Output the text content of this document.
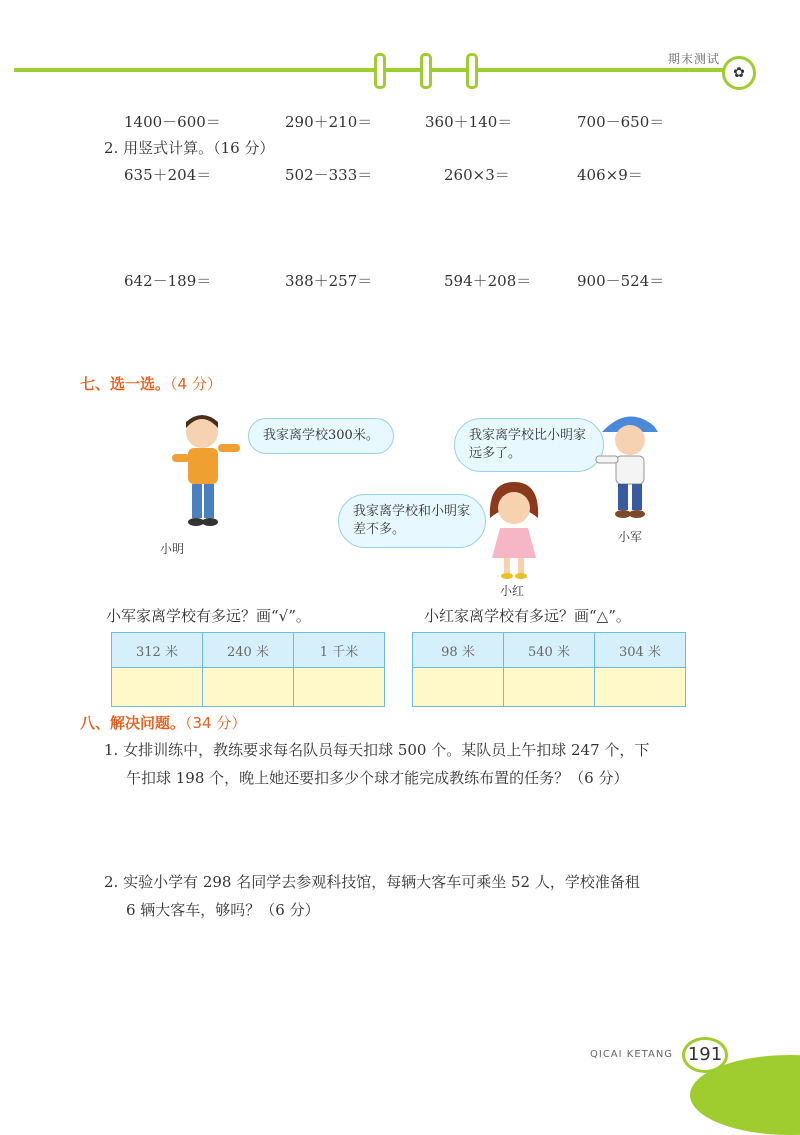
期末测试
✿
1400－600＝	290＋210＝	360＋140＝	700－650＝
2. 用竖式计算。（16 分）
635＋204＝	502－333＝	260×3＝	406×9＝
642－189＝	388＋257＝	594＋208＝	900－524＝
七、选一选。（4 分）
我家离学校300米。
小明
我家离学校比小明家远多了。
小军
我家离学校和小明家差不多。
小红
小军家离学校有多远？画“√”。	小红家离学校有多远？画“△”。
312 米	240 米	1 千米
			98 米	540 米	304 米

八、解决问题。（34 分）
1. 女排训练中，教练要求每名队员每天扣球 500 个。某队员上午扣球 247 个，下
午扣球 198 个，晚上她还要扣多少个球才能完成教练布置的任务？（6 分）
2. 实验小学有 298 名同学去参观科技馆，每辆大客车可乘坐 52 人，学校准备租
6 辆大客车，够吗？（6 分）
QICAI KETANG 191
